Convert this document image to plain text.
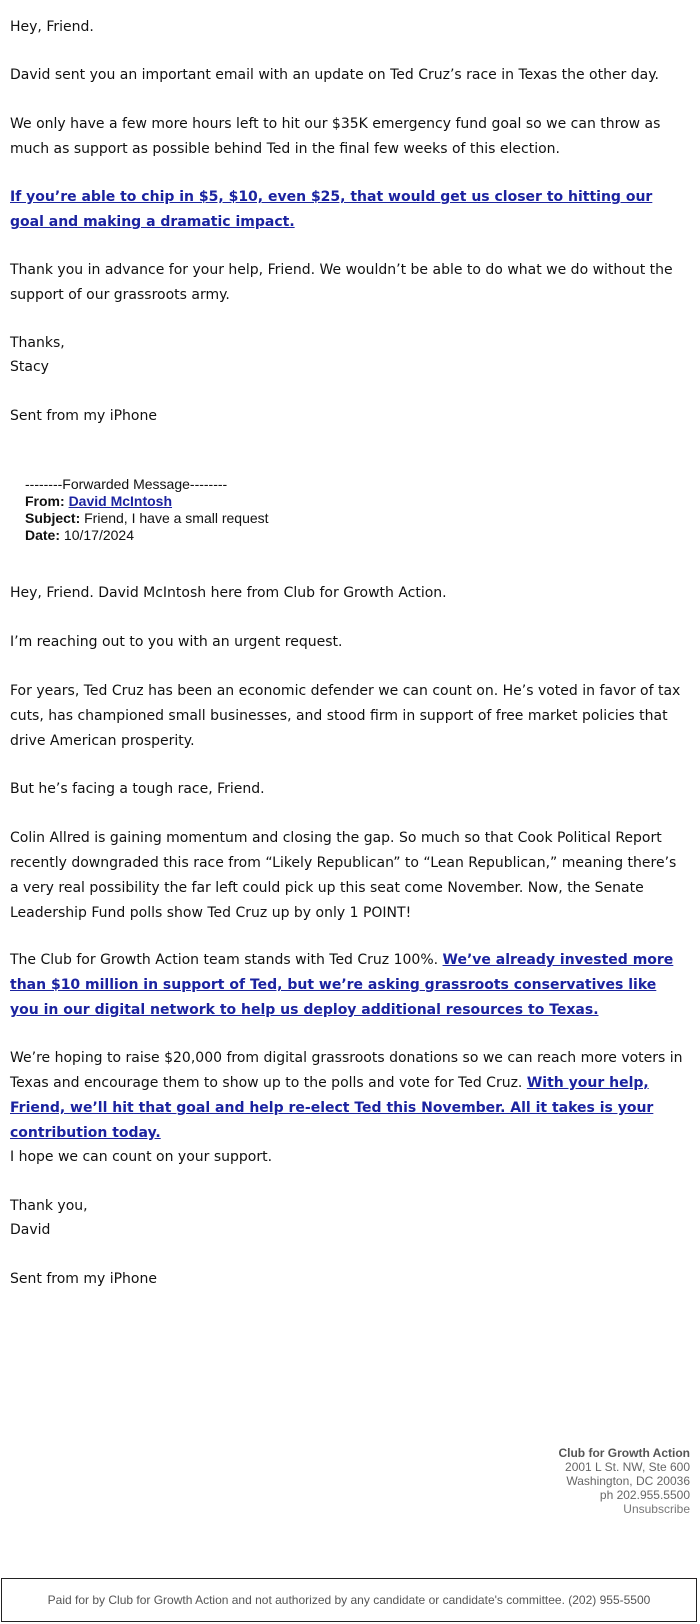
Hey, Friend.

David sent you an important email with an update on Ted Cruz’s race in Texas the other day.

We only have a few more hours left to hit our $35K emergency fund goal so we can throw as much as support as possible behind Ted in the final few weeks of this election.

If you’re able to chip in $5, $10, even $25, that would get us closer to hitting our goal and making a dramatic impact.

Thank you in advance for your help, Friend. We wouldn’t be able to do what we do without the support of our grassroots army.

Thanks,

Stacy

Sent from my iPhone

--------Forwarded Message--------
From: David McIntosh
Subject: Friend, I have a small request
Date: 10/17/2024

Hey, Friend. David McIntosh here from Club for Growth Action.

I’m reaching out to you with an urgent request.

For years, Ted Cruz has been an economic defender we can count on. He’s voted in favor of tax cuts, has championed small businesses, and stood firm in support of free market policies that drive American prosperity.

But he’s facing a tough race, Friend.

Colin Allred is gaining momentum and closing the gap. So much so that Cook Political Report recently downgraded this race from “Likely Republican” to “Lean Republican,” meaning there’s a very real possibility the far left could pick up this seat come November. Now, the Senate Leadership Fund polls show Ted Cruz up by only 1 POINT!

The Club for Growth Action team stands with Ted Cruz 100%. We’ve already invested more than $10 million in support of Ted, but we’re asking grassroots conservatives like you in our digital network to help us deploy additional resources to Texas.

We’re hoping to raise $20,000 from digital grassroots donations so we can reach more voters in Texas and encourage them to show up to the polls and vote for Ted Cruz. With your help, Friend, we’ll hit that goal and help re-elect Ted this November. All it takes is your contribution today.

I hope we can count on your support.

Thank you,

David

Sent from my iPhone

Club for Growth Action
2001 L St. NW, Ste 600
Washington, DC 20036
ph 202.955.5500
Unsubscribe
Paid for by Club for Growth Action and not authorized by any candidate or candidate's committee. (202) 955-5500
